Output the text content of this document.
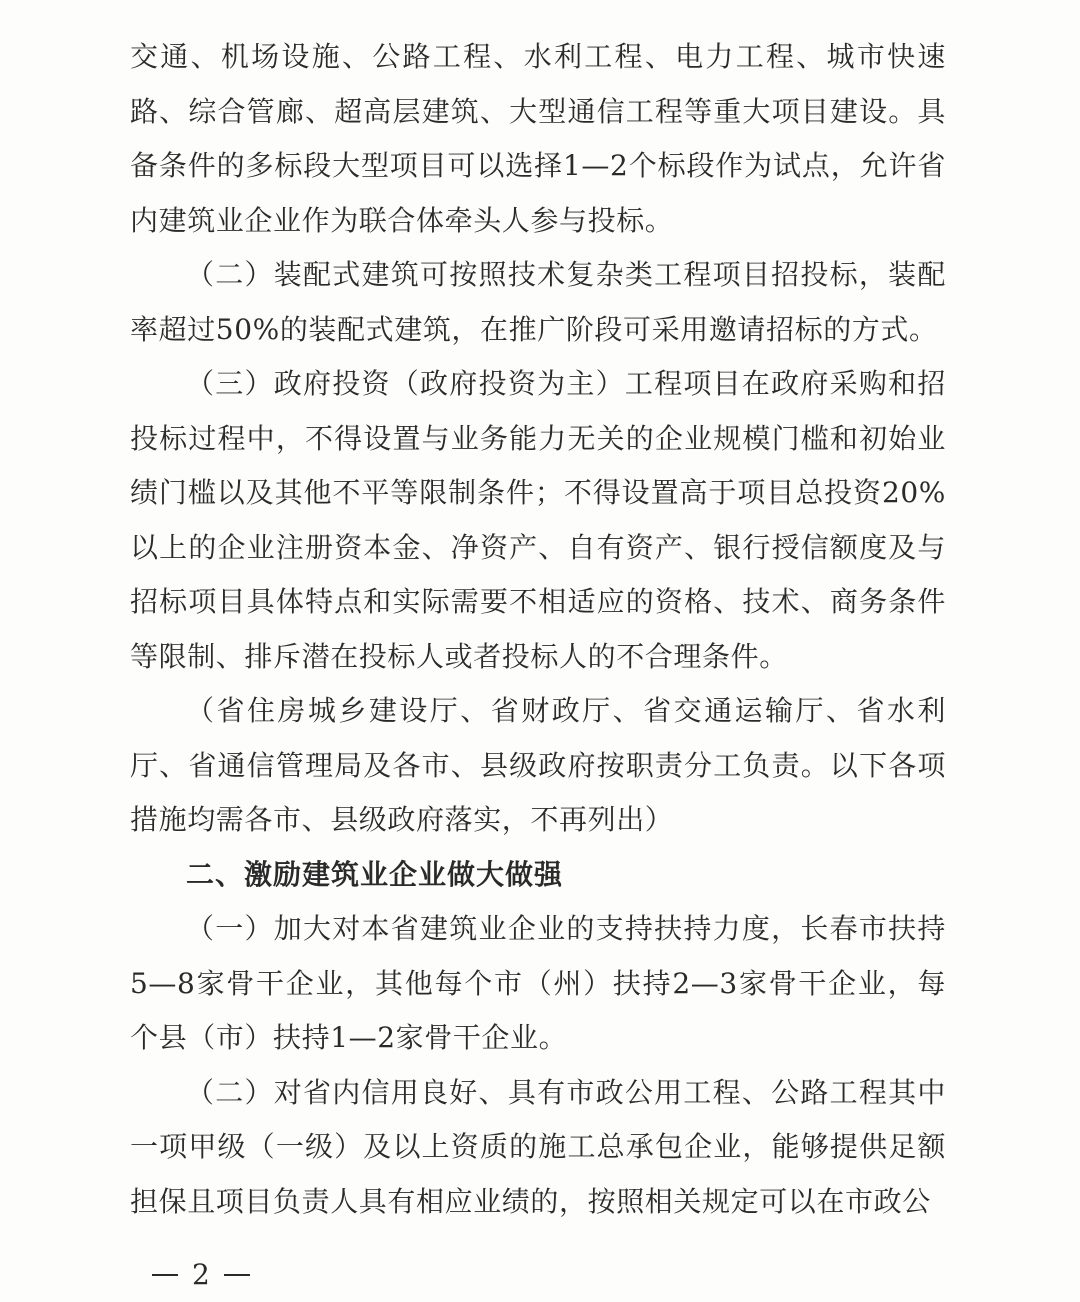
交通、机场设施、公路工程、水利工程、电力工程、城市快速路、综合管廊、超高层建筑、大型通信工程等重大项目建设。具备条件的多标段大型项目可以选择1—2个标段作为试点，允许省内建筑业企业作为联合体牵头人参与投标。

（二）装配式建筑可按照技术复杂类工程项目招投标，装配率超过50%的装配式建筑，在推广阶段可采用邀请招标的方式。

（三）政府投资（政府投资为主）工程项目在政府采购和招投标过程中，不得设置与业务能力无关的企业规模门槛和初始业绩门槛以及其他不平等限制条件；不得设置高于项目总投资20%以上的企业注册资本金、净资产、自有资产、银行授信额度及与招标项目具体特点和实际需要不相适应的资格、技术、商务条件等限制、排斥潜在投标人或者投标人的不合理条件。

（省住房城乡建设厅、省财政厅、省交通运输厅、省水利厅、省通信管理局及各市、县级政府按职责分工负责。以下各项措施均需各市、县级政府落实，不再列出）

二、激励建筑业企业做大做强

（一）加大对本省建筑业企业的支持扶持力度，长春市扶持5—8家骨干企业，其他每个市（州）扶持2—3家骨干企业，每个县（市）扶持1—2家骨干企业。

（二）对省内信用良好、具有市政公用工程、公路工程其中一项甲级（一级）及以上资质的施工总承包企业，能够提供足额担保且项目负责人具有相应业绩的，按照相关规定可以在市政公

2
